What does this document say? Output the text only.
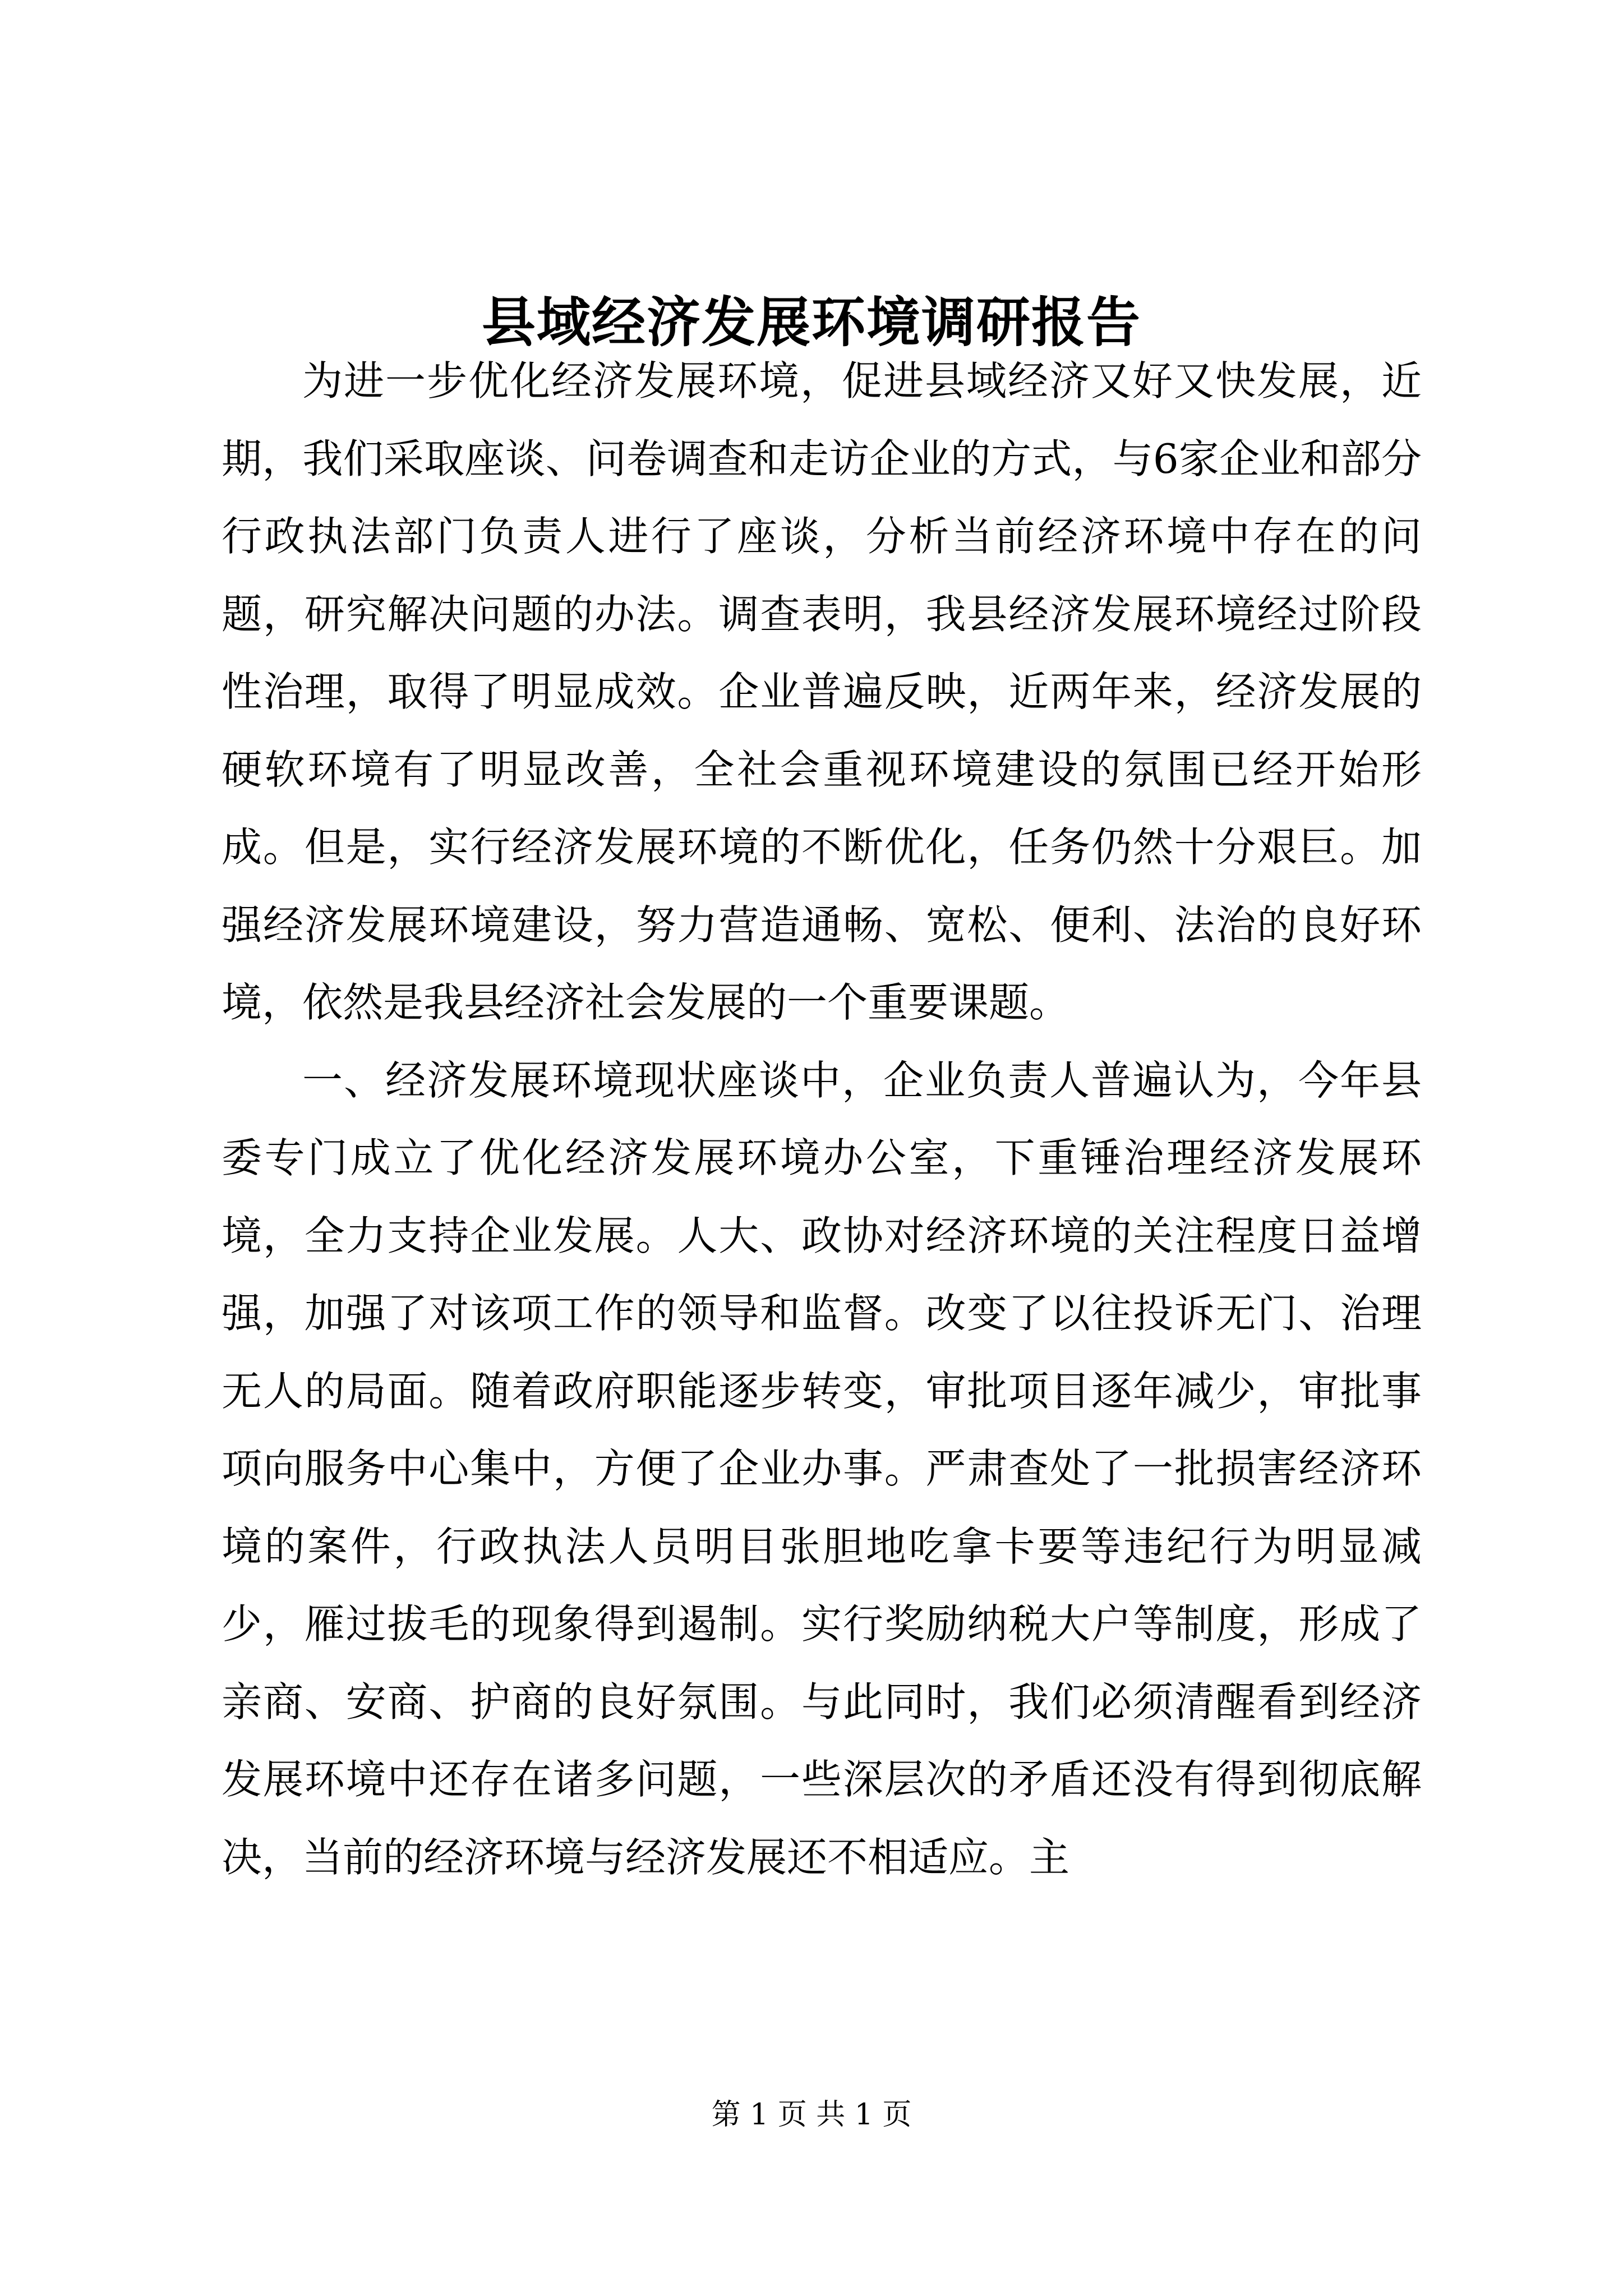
县域经济发展环境调研报告

为进一步优化经济发展环境，促进县域经济又好又快发展，近期，我们采取座谈、问卷调查和走访企业的方式，与6家企业和部分行政执法部门负责人进行了座谈，分析当前经济环境中存在的问题，研究解决问题的办法。调查表明，我县经济发展环境经过阶段性治理，取得了明显成效。企业普遍反映，近两年来，经济发展的硬软环境有了明显改善，全社会重视环境建设的氛围已经开始形成。但是，实行经济发展环境的不断优化，任务仍然十分艰巨。加强经济发展环境建设，努力营造通畅、宽松、便利、法治的良好环境，依然是我县经济社会发展的一个重要课题。

一、经济发展环境现状座谈中，企业负责人普遍认为，今年县委专门成立了优化经济发展环境办公室，下重锤治理经济发展环境，全力支持企业发展。人大、政协对经济环境的关注程度日益增强，加强了对该项工作的领导和监督。改变了以往投诉无门、治理无人的局面。随着政府职能逐步转变，审批项目逐年减少，审批事项向服务中心集中，方便了企业办事。严肃查处了一批损害经济环境的案件，行政执法人员明目张胆地吃拿卡要等违纪行为明显减少，雁过拔毛的现象得到遏制。实行奖励纳税大户等制度，形成了亲商、安商、护商的良好氛围。与此同时，我们必须清醒看到经济发展环境中还存在诸多问题，一些深层次的矛盾还没有得到彻底解决，当前的经济环境与经济发展还不相适应。主

第 1 页 共 1 页
